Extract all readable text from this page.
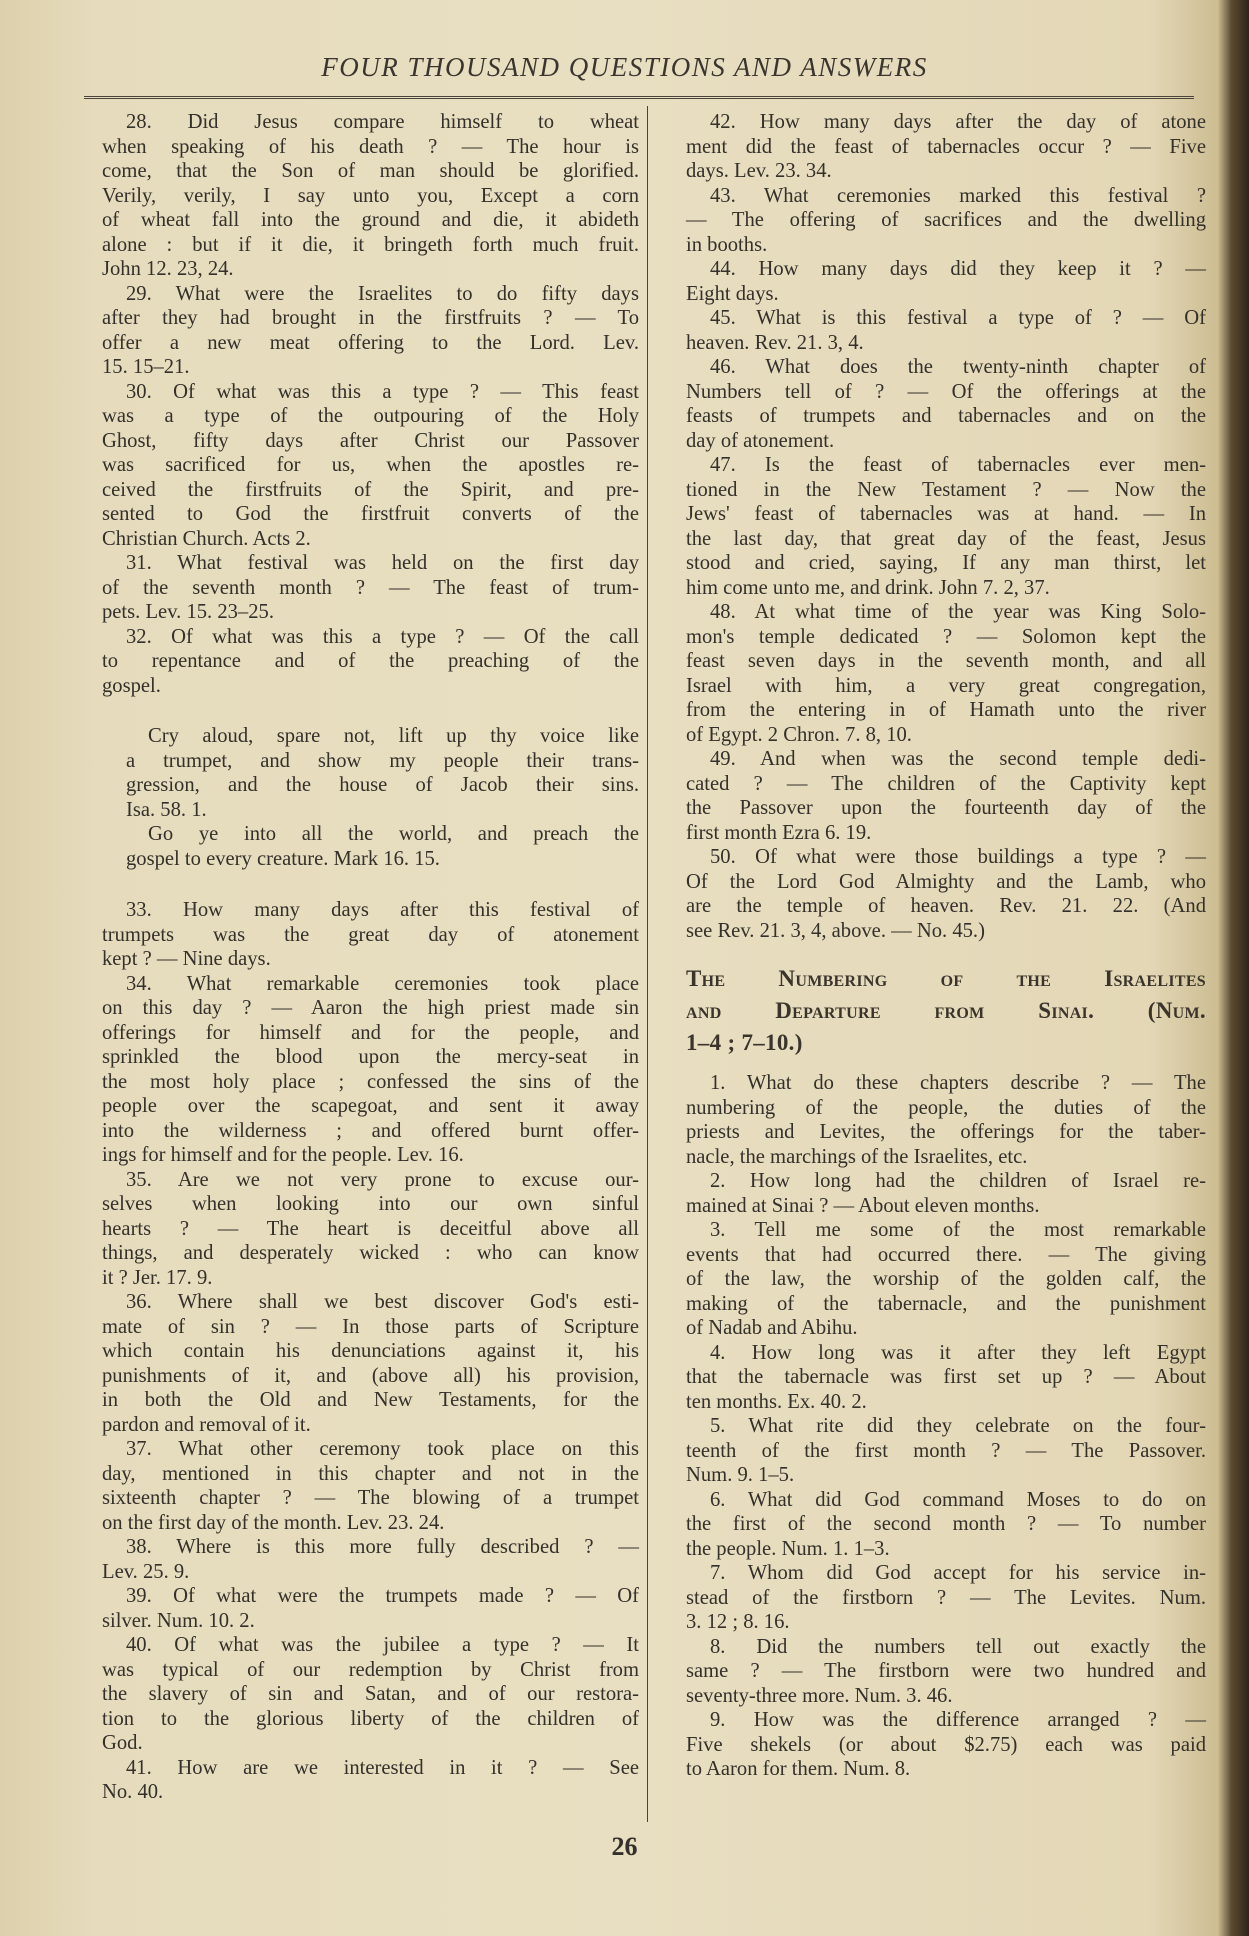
FOUR THOUSAND QUESTIONS AND ANSWERS
28. Did Jesus compare himself to wheat
when speaking of his death ? — The hour is
come, that the Son of man should be glorified.
Verily, verily, I say unto you, Except a corn
of wheat fall into the ground and die, it abideth
alone : but if it die, it bringeth forth much fruit.
John 12. 23, 24.
29. What were the Israelites to do fifty days
after they had brought in the firstfruits ? — To
offer a new meat offering to the Lord. Lev.
15. 15–21.
30. Of what was this a type ? — This feast
was a type of the outpouring of the Holy
Ghost, fifty days after Christ our Passover
was sacrificed for us, when the apostles re-
ceived the firstfruits of the Spirit, and pre-
sented to God the firstfruit converts of the
Christian Church. Acts 2.
31. What festival was held on the first day
of the seventh month ? — The feast of trum-
pets. Lev. 15. 23–25.
32. Of what was this a type ? — Of the call
to repentance and of the preaching of the
gospel.
Cry aloud, spare not, lift up thy voice like
a trumpet, and show my people their trans-
gression, and the house of Jacob their sins.
Isa. 58. 1.
Go ye into all the world, and preach the
gospel to every creature. Mark 16. 15.
33. How many days after this festival of
trumpets was the great day of atonement
kept ? — Nine days.
34. What remarkable ceremonies took place
on this day ? — Aaron the high priest made sin
offerings for himself and for the people, and
sprinkled the blood upon the mercy-seat in
the most holy place ; confessed the sins of the
people over the scapegoat, and sent it away
into the wilderness ; and offered burnt offer-
ings for himself and for the people. Lev. 16.
35. Are we not very prone to excuse our-
selves when looking into our own sinful
hearts ? — The heart is deceitful above all
things, and desperately wicked : who can know
it ? Jer. 17. 9.
36. Where shall we best discover God's esti-
mate of sin ? — In those parts of Scripture
which contain his denunciations against it, his
punishments of it, and (above all) his provision,
in both the Old and New Testaments, for the
pardon and removal of it.
37. What other ceremony took place on this
day, mentioned in this chapter and not in the
sixteenth chapter ? — The blowing of a trumpet
on the first day of the month. Lev. 23. 24.
38. Where is this more fully described ? —
Lev. 25. 9.
39. Of what were the trumpets made ? — Of
silver. Num. 10. 2.
40. Of what was the jubilee a type ? — It
was typical of our redemption by Christ from
the slavery of sin and Satan, and of our restora-
tion to the glorious liberty of the children of
God.
41. How are we interested in it ? — See
No. 40.
42. How many days after the day of atone
ment did the feast of tabernacles occur ? — Five
days. Lev. 23. 34.
43. What ceremonies marked this festival ?
— The offering of sacrifices and the dwelling
in booths.
44. How many days did they keep it ? —
Eight days.
45. What is this festival a type of ? — Of
heaven. Rev. 21. 3, 4.
46. What does the twenty-ninth chapter of
Numbers tell of ? — Of the offerings at the
feasts of trumpets and tabernacles and on the
day of atonement.
47. Is the feast of tabernacles ever men-
tioned in the New Testament ? — Now the
Jews' feast of tabernacles was at hand. — In
the last day, that great day of the feast, Jesus
stood and cried, saying, If any man thirst, let
him come unto me, and drink. John 7. 2, 37.
48. At what time of the year was King Solo-
mon's temple dedicated ? — Solomon kept the
feast seven days in the seventh month, and all
Israel with him, a very great congregation,
from the entering in of Hamath unto the river
of Egypt. 2 Chron. 7. 8, 10.
49. And when was the second temple dedi-
cated ? — The children of the Captivity kept
the Passover upon the fourteenth day of the
first month Ezra 6. 19.
50. Of what were those buildings a type ? —
Of the Lord God Almighty and the Lamb, who
are the temple of heaven. Rev. 21. 22. (And
see Rev. 21. 3, 4, above. — No. 45.)
The Numbering of the Israelites
and Departure from Sinai. (Num.
1–4 ; 7–10.)
1. What do these chapters describe ? — The
numbering of the people, the duties of the
priests and Levites, the offerings for the taber-
nacle, the marchings of the Israelites, etc.
2. How long had the children of Israel re-
mained at Sinai ? — About eleven months.
3. Tell me some of the most remarkable
events that had occurred there. — The giving
of the law, the worship of the golden calf, the
making of the tabernacle, and the punishment
of Nadab and Abihu.
4. How long was it after they left Egypt
that the tabernacle was first set up ? — About
ten months. Ex. 40. 2.
5. What rite did they celebrate on the four-
teenth of the first month ? — The Passover.
Num. 9. 1–5.
6. What did God command Moses to do on
the first of the second month ? — To number
the people. Num. 1. 1–3.
7. Whom did God accept for his service in-
stead of the firstborn ? — The Levites. Num.
3. 12 ; 8. 16.
8. Did the numbers tell out exactly the
same ? — The firstborn were two hundred and
seventy-three more. Num. 3. 46.
9. How was the difference arranged ? —
Five shekels (or about $2.75) each was paid
to Aaron for them. Num. 8.
26
